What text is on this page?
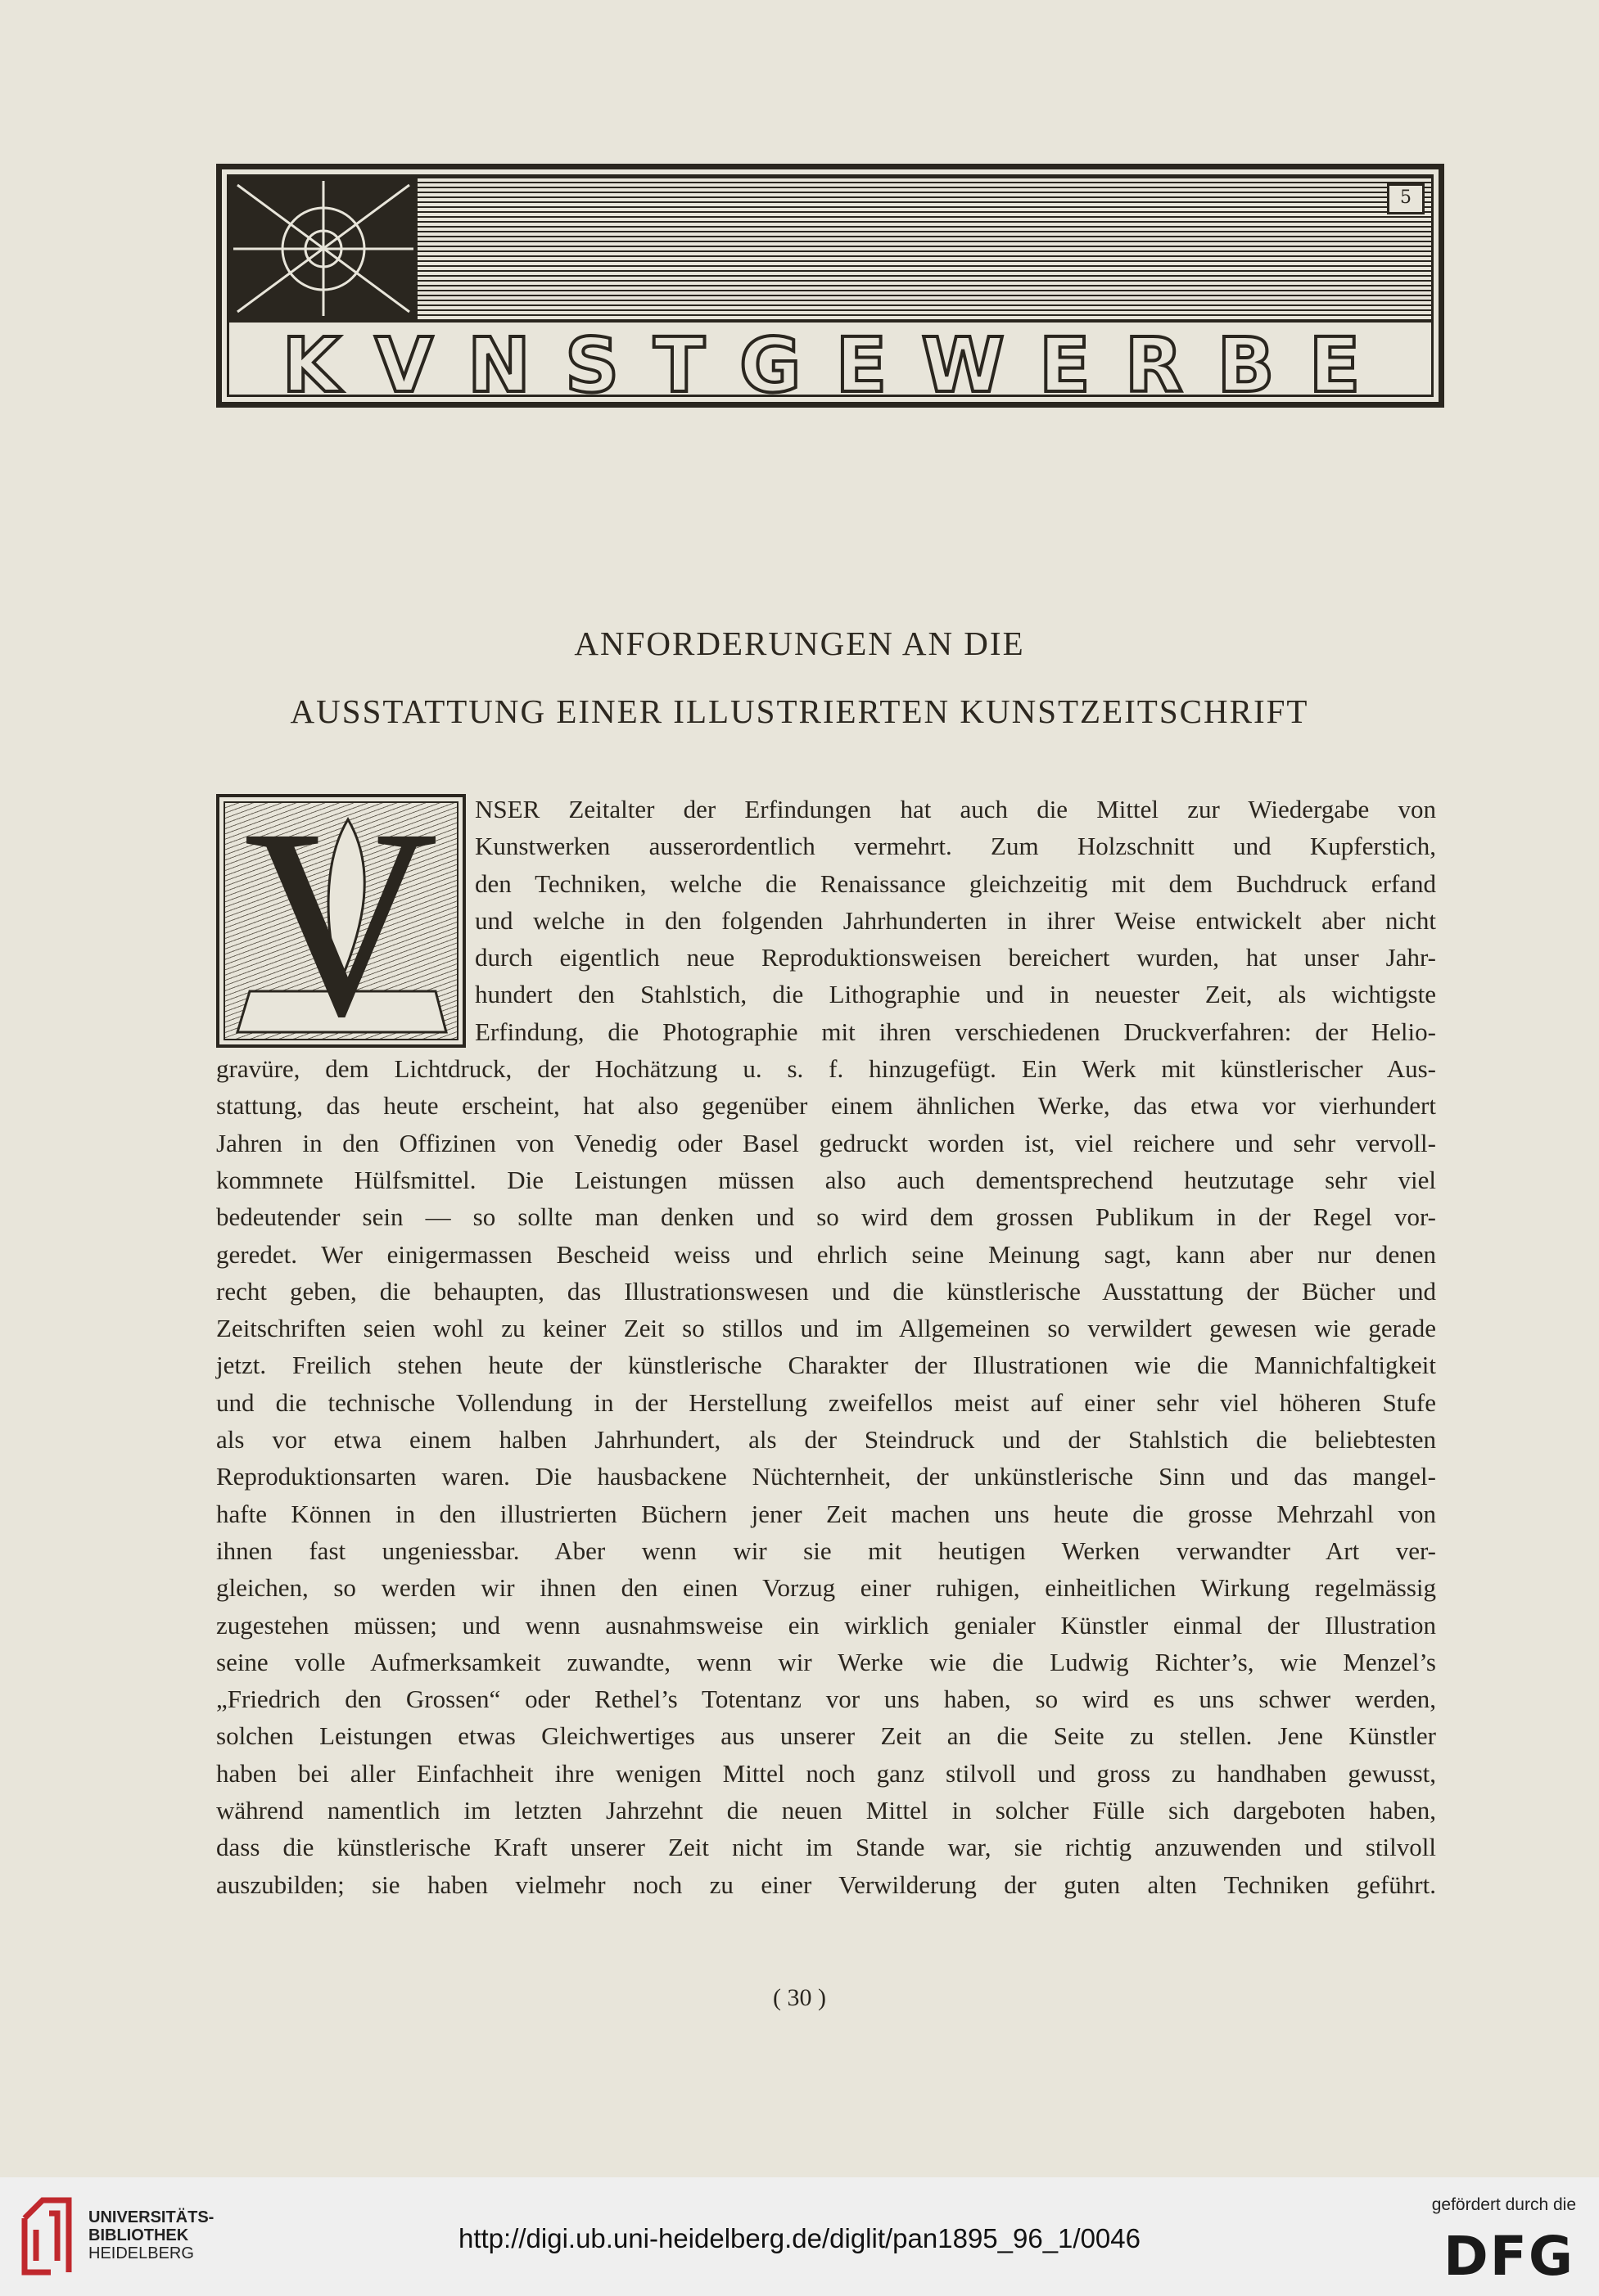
5
KVNSTGEWERBE
ANFORDERUNGEN AN DIE
AUSSTATTUNG EINER ILLUSTRIERTEN KUNSTZEITSCHRIFT
V	NSER Zeitalter der Erfindungen hat auch die Mittel zur Wiedergabe von
Kunstwerken ausserordentlich vermehrt. Zum Holzschnitt und Kupferstich,
den Techniken, welche die Renaissance gleichzeitig mit dem Buchdruck erfand
und welche in den folgenden Jahrhunderten in ihrer Weise entwickelt aber nicht
durch eigentlich neue Reproduktionsweisen bereichert wurden, hat unser Jahr-
hundert den Stahlstich, die Lithographie und in neuester Zeit, als wichtigste
Erfindung, die Photographie mit ihren verschiedenen Druckverfahren: der Helio-
gravüre, dem Lichtdruck, der Hochätzung u. s. f. hinzugefügt. Ein Werk mit künstlerischer Aus-
stattung, das heute erscheint, hat also gegenüber einem ähnlichen Werke, das etwa vor vierhundert
Jahren in den Offizinen von Venedig oder Basel gedruckt worden ist, viel reichere und sehr vervoll-
kommnete Hülfsmittel. Die Leistungen müssen also auch dementsprechend heutzutage sehr viel
bedeutender sein — so sollte man denken und so wird dem grossen Publikum in der Regel vor-
geredet. Wer einigermassen Bescheid weiss und ehrlich seine Meinung sagt, kann aber nur denen
recht geben, die behaupten, das Illustrationswesen und die künstlerische Ausstattung der Bücher und
Zeitschriften seien wohl zu keiner Zeit so stillos und im Allgemeinen so verwildert gewesen wie gerade
jetzt. Freilich stehen heute der künstlerische Charakter der Illustrationen wie die Mannichfaltigkeit
und die technische Vollendung in der Herstellung zweifellos meist auf einer sehr viel höheren Stufe
als vor etwa einem halben Jahrhundert, als der Steindruck und der Stahlstich die beliebtesten
Reproduktionsarten waren. Die hausbackene Nüchternheit, der unkünstlerische Sinn und das mangel-
hafte Können in den illustrierten Büchern jener Zeit machen uns heute die grosse Mehrzahl von
ihnen fast ungeniessbar. Aber wenn wir sie mit heutigen Werken verwandter Art ver-
gleichen, so werden wir ihnen den einen Vorzug einer ruhigen, einheitlichen Wirkung regelmässig
zugestehen müssen; und wenn ausnahmsweise ein wirklich genialer Künstler einmal der Illustration
seine volle Aufmerksamkeit zuwandte, wenn wir Werke wie die Ludwig Richter’s, wie Menzel’s
„Friedrich den Grossen“ oder Rethel’s Totentanz vor uns haben, so wird es uns schwer werden,
solchen Leistungen etwas Gleichwertiges aus unserer Zeit an die Seite zu stellen. Jene Künstler
haben bei aller Einfachheit ihre wenigen Mittel noch ganz stilvoll und gross zu handhaben gewusst,
während namentlich im letzten Jahrzehnt die neuen Mittel in solcher Fülle sich dargeboten haben,
dass die künstlerische Kraft unserer Zeit nicht im Stande war, sie richtig anzuwenden und stilvoll
auszubilden; sie haben vielmehr noch zu einer Verwilderung der guten alten Techniken geführt.
( 30 )
UNIVERSITÄTS-
BIBLIOTHEK
HEIDELBERG	http://digi.ub.uni-heidelberg.de/diglit/pan1895_96_1/0046
gefördert durch die
DFG
